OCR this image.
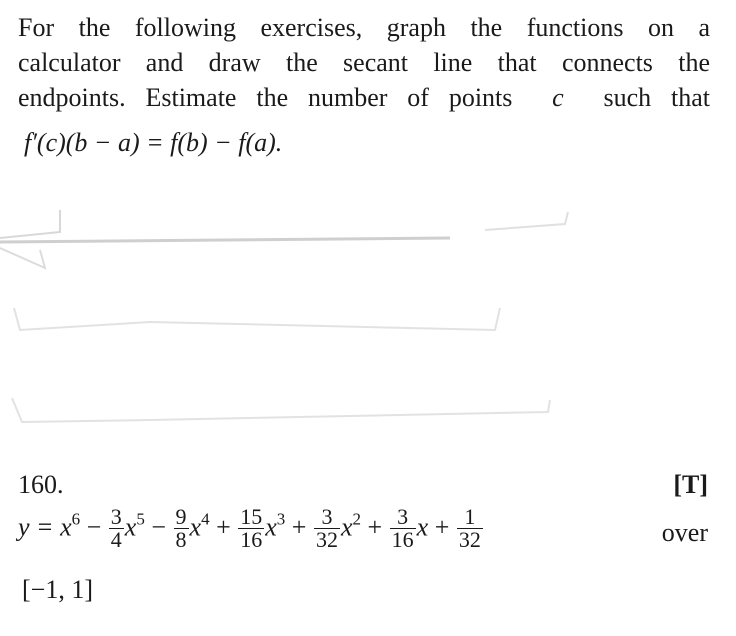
For the following exercises, graph the functions on a
calculator and draw the secant line that connects the
endpoints. Estimate the number of points c such that
f′(c)(b − a) = f(b) − f(a).
160.	[T]
$y = x^6 - \frac{3}{4} x^5 - \frac{9}{8} x^4 + \frac{15}{16} x^3 + \frac{3}{32} x^2 + \frac{3}{16}$ $x + \frac{1}{32}$	over
[−1, 1]
